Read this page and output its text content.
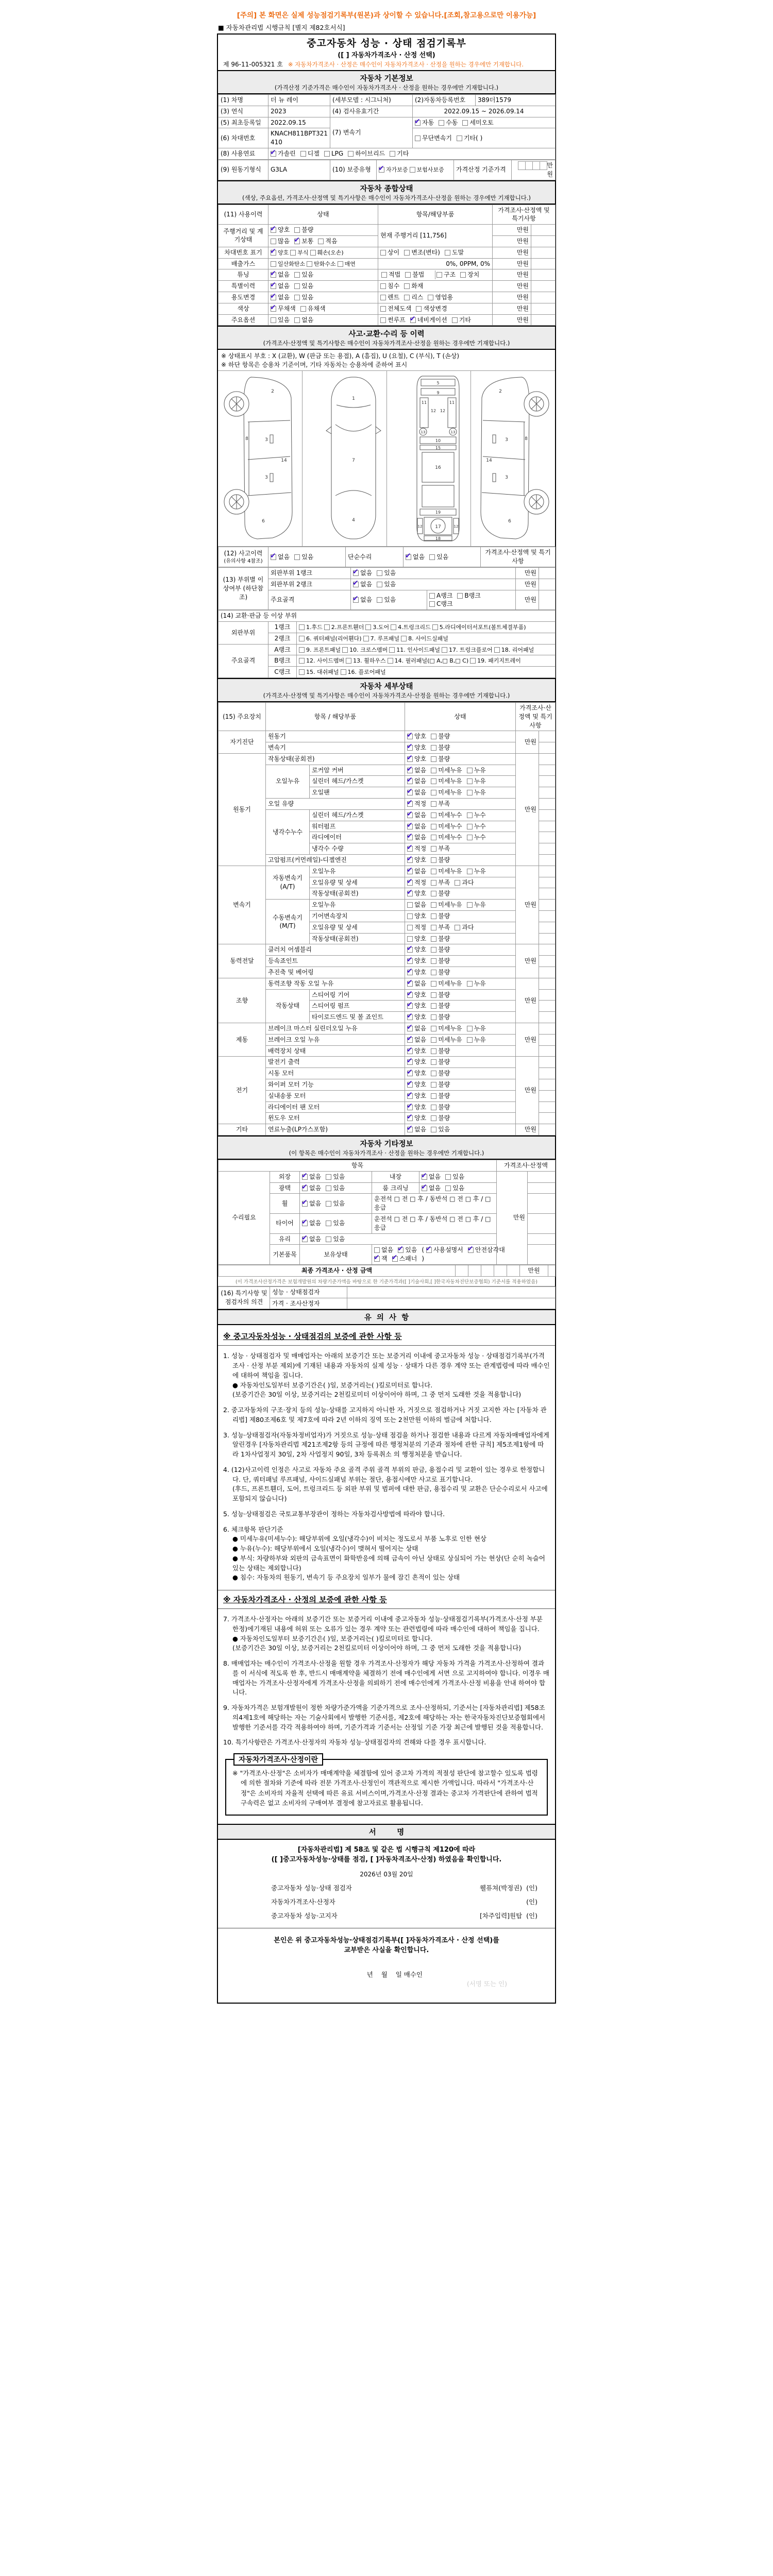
[주의] 본 화면은 실제 성능점검기록부(원본)과 상이할 수 있습니다.[조회,참고용으로만 이용가능]
■ 자동차관리법 시행규칙 [별지 제82호서식]
중고자동차 성능 · 상태 점검기록부
([ ] 자동차가격조사 · 산정 선택)
제 96-11-005321 호 ※ 자동차가격조사 · 산정은 매수인이 자동차가격조사 · 산정을 원하는 경우에만 기재합니다.
자동차 기본정보
(가격산정 기준가격은 매수인이 자동차가격조사 · 산정을 원하는 경우에만 기재합니다.)
(1) 차명	더 뉴 레이	(세부모델 : 시그니처)	(2)자동차등록번호	389더1579
(3) 연식	2023	(4) 검사유효기간	2022.09.15 ~ 2026.09.14	
(5) 최초등록일	2022.09.15	(7) 변속기	✔자동 수동 세미오토
(6) 차대번호	KNACH811BPT321410		무단변속기 기타( )	
(8) 사용연료	✔가솔린 디젤 LPG 하이브리드 기타
(9) 원동기형식	G3LA	(10) 보증유형	✔자가보증 보험사보증	가격산정 기준가격	만원
자동차 종합상태
(색상, 주요옵션, 가격조사·산정액 및 특기사항은 매수인이 자동차가격조사·산정을 원하는 경우에만 기재합니다.)
(11) 사용이력	상태	항목/해당부품	가격조사·산정액 및 특기사항	
주행거리 및 계기상태	✔양호 불량	현재 주행거리 [11,756]	만원	
	많음 ✔ 보통 적음		만원	
차대번호 표기	✔양호 부식 훼손(오손)	상이 변조(변타) 도말	만원	
배출가스	일산화탄소 탄화수소 매연	0%, 0PPM, 0%	만원	
튜닝	✔없음 있음	적법 불법 구조 장치	만원	
특별이력	✔없음 있음	침수 화재	만원	
용도변경	✔없음 있음	렌트 리스 영업용	만원	
색상	✔무채색 유채색	전체도색 색상변경	만원	
주요옵션	있음 없음	썬루프 ✔ 네비게이션 기타	만원	
사고·교환·수리 등 이력
(가격조사·산정액 및 특기사항은 매수인이 자동차가격조사·산정을 원하는 경우에만 기재합니다.)
※ 상태표시 부호 : X (교환), W (판금 또는 용접), A (흠집), U (요철), C (부식), T (손상)
※ 하단 항목은 승용차 기준이며, 기타 자동차는 승용차에 준하여 표시
2
8	3
14
3
6
1
7
4
5
9
11	11
12 12
13	13
10
15
16
19
12	17	12
18
2
8
3
14
3
6
(12) 사고이력
(유의사항 4참조)
	✔없음 있음	단순수리	✔없음 있음	가격조사·산정액 및 특기사항
(13) 부위별 이상여부 (하단참조)	외판부위 1랭크	✔없음 있음		만원	
	외판부위 2랭크	✔없음 있음		만원	
	주요골격	✔없음 있음	A랭크 B랭크C랭크	만원	
(14) 교환·판금 등 이상 부위		
외판부위	1랭크	1.후드 2.프론트휀더 3.도어 4.트렁크리드 5.라디에이터서포트(볼트체결부품)
	2랭크	6. 쿼터패널(리어휀다) 7. 루프패널 8. 사이드실패널
주요골격	A랭크	9. 프론트패널 10. 크로스멤버 11. 인사이드패널 17. 트렁크플로어 18. 리어패널
	B랭크	12. 사이드멤버 13. 휠하우스 14. 필러패널(□ A,□ B,□ C) 19. 패키지트레이
	C랭크	15. 대쉬패널 16. 플로어패널
자동차 세부상태
(가격조사·산정액 및 특기사항은 매수인이 자동차가격조사·산정을 원하는 경우에만 기재합니다.)
(15) 주요장치	항목 / 해당부품		상태	가격조사·산정액 및 특기사항	
자기진단	원동기	✔양호 불량	만원	
	변속기	✔양호 불량	
원동기	작동상태(공회전)	✔양호 불량	만원	
	오일누유	로커암 커버	✔없음 미세누유 누유	
		실린더 헤드/가스켓	✔없음 미세누유 누유	
		오일팬	✔없음 미세누유 누유	
	오일 유량	✔적정 부족	
	냉각수누수	실린더 헤드/가스켓	✔없음 미세누수 누수	
		워터펌프	✔없음 미세누수 누수	
		라디에이터	✔없음 미세누수 누수	
		냉각수 수량	✔적정 부족	
	고압펌프(커먼레일)-디젤엔진	✔양호 불량	
변속기	자동변속기 (A/T)	오일누유	✔없음 미세누유 누유	만원	
		오일유량 및 상세	✔적정 부족 과다	
		작동상태(공회전)	✔양호 불량	
	수동변속기 (M/T)	오일누유	없음 미세누유 누유		
		기어변속장치	양호 불량		
		오일유량 및 상세	적정 부족 과다		
		작동상태(공회전)	양호 불량		
동력전달	클러치 어셈블리	✔양호 불량	만원	
	등속죠인트	✔양호 불량	
	추진축 및 베어링	✔양호 불량	
조향	동력조향 작동 오일 누유	✔없음 미세누유 누유	만원	
	작동상태	스티어링 기어	✔양호 불량	
		스티어링 펌프	✔양호 불량	
		타이로드엔드 및 볼 죠인트	✔양호 불량	
제동	브레이크 마스터 실린더오일 누유	✔없음 미세누유 누유	만원	
	브레이크 오일 누유	✔없음 미세누유 누유	
	배력장치 상태	✔양호 불량	
전기	발전기 출력	✔양호 불량	만원	
	시동 모터	✔양호 불량	
	와이퍼 모터 기능	✔양호 불량	
	실내송풍 모터	✔양호 불량	
	라디에이터 팬 모터	✔양호 불량	
	윈도우 모터	✔양호 불량	
기타	연료누출(LP가스포함)	✔없음 있음	만원	
자동차 기타정보
(이 항목은 매수인이 자동차가격조사 · 산정을 원하는 경우에만 기재합니다.)
항목					가격조사·산정액	
수리필요	외장	✔없음 있음	내장	✔없음 있음	만원	
	광택	✔없음 있음	룸 크리닝	✔없음 있음	
	휠	✔없음 있음	운전석 □ 전 □ 후 / 동반석 □ 전 □ 후 / □ 응급			
	타이어	✔없음 있음	운전석 □ 전 □ 후 / 동반석 □ 전 □ 후 / □ 응급			
	유리	✔없음 있음	
	기본품목	보유상태	없음 ✔ 있음 ( ✔ 사용설명서 ✔ 안전삼각대✔잭 ✔ 스패너 )	
최종 가격조사 · 산정 금액						만원	
(이 가격조사산정가격은 보험개발원의 차량기준가액을 바탕으로 한 기준가격과([ ]기술사회,[ ]한국자동차진단보증협회) 기준서를 적용하였음)
(16) 특기사항 및 점검자의 의견	성능 · 상태점검자	
	가격 · 조사산정자	
유  의  사  항
※ 중고자동차성능 · 상태점검의 보증에 관한 사항 등
1. 성능 · 상태점검자 및 매매업자는 아래의 보증기간 또는 보증거리 이내에 중고자동차 성능 · 상태점검기록부(가격 조사 · 산정 부분 제외)에 기재된 내용과 자동차의 실제 성능 · 상태가 다른 경우 계약 또는 관계법령에 따라 매수인에 대하여 책임을 집니다.
● 자동차인도일부터 보증기간은( )일, 보증거리는( )킬로미터로 합니다.
(보증기간은 30일 이상, 보증거리는 2천킬로미터 이상이어야 하며, 그 중 먼저 도래한 것을 적용합니다)
2. 중고자동차의 구조·장치 등의 성능·상태를 고지하지 아니한 자, 거짓으로 점검하거나 거짓 고지한 자는 [자동차 관리법] 제80조제6호 및 제7호에 따라 2년 이하의 징역 또는 2천만원 이하의 벌금에 처합니다.
3. 성능·상태점검자(자동차정비업자)가 거짓으로 성능·상태 점검을 하거나 점검한 내용과 다르게 자동차매매업자에게 알린경우 [자동차관리법 제21조제2항 등의 규정에 따른 행정처분의 기준과 절차에 관한 규칙] 제5조제1항에 따라 1차사업정지 30일, 2차 사업정지 90일, 3차 등록취소 의 행정처분을 받습니다.
4. (12)사고이력 인정은 사고로 자동차 주요 골격 주위 골격 부위의 판금, 용접수리 및 교환이 있는 경우로 한정합니다. 단, 쿼터패널 루프패널, 사이드실패널 부위는 절단, 용접시에만 사고로 표기합니다.
(후드, 프론트휀더, 도어, 트렁크리드 등 외판 부위 및 범퍼에 대한 판금, 용접수리 및 교환은 단순수리로서 사고에 포함되지 않습니다)
5. 성능·상태점검은 국토교통부장관이 정하는 자동차검사방법에 따라야 합니다.
6. 체크항목 판단기준
● 미세누유(미세누수): 해당부위에 오일(냉각수)이 비치는 정도로서 부품 노후로 인한 현상
● 누유(누수): 해당부위에서 오일(냉각수)이 맺혀서 떨어지는 상태
● 부식: 차량하부와 외판의 금속표면이 화학반응에 의해 금속이 아닌 상태로 상실되어 가는 현상(단 순히 녹슬어 있는 상태는 제외합니다)
● 침수: 자동차의 원동기, 변속기 등 주요장치 일부가 물에 잠긴 흔적이 있는 상태
※ 자동차가격조사 · 산정의 보증에 관한 사항 등
7. 가격조사·산정자는 아래의 보증기간 또는 보증거리 이내에 중고자동차 성능·상태점검기록부(가격조사·산정 부분 한정)에기재된 내용에 허위 또는 오류가 있는 경우 계약 또는 관련법령에 따라 매수인에 대하여 책임을 집니다.
● 자동차인도일부터 보증기간은( )일, 보증거리는( )킬로미터로 합니다.
(보증기간은 30일 이상, 보증거리는 2천킬로미터 이상이어야 하며, 그 중 먼저 도래한 것을 적용합니다)
8. 매매업자는 매수인이 가격조사·산정을 원할 경우 가격조사·산정자가 해당 자동차 가격을 가격조사·산정하여 결과를 이 서식에 적도록 한 후, 반드시 매매계약을 체결하기 전에 매수인에게 서면 으로 고지하여야 합니다. 이경우 매매업자는 가격조사·산정자에게 가격조사·산정을 의뢰하기 전에 매수인에게 가격조사·산정 비용을 안내 하여야 합니다.
9. 자동차가격은 보험개발원이 정한 차량가준가액을 기준가격으로 조사·산정하되, 기준서는 [자동차관리법] 제58조의4제1호에 해당하는 자는 기술사회에서 발행한 기준서를, 제2호에 해당하는 자는 한국자동차진단보증협회에서 발행한 기준서를 각각 적용하여야 하며, 기준가격과 기준서는 산정일 기준 가장 최근에 발행된 것을 적용합니다.
10. 특기사항란은 가격조사·산정자의 자동차 성능·상태점검자의 견해와 다를 경우 표시합니다.
자동차가격조사·산정이란
※ "가격조사·산정"은 소비자가 매매계약을 체결함에 있어 중고차 가격의 적절성 판단에 참고할수 있도록 법령에 의한 절차와 기준에 따라 전문 가격조사·산정인이 객관적으로 제시한 가액입니다. 따라서 "가격조사·산정"은 소비자의 자율적 선택에 따른 유료 서비스이며,가격조사·산정 결과는 중고차 가격판단에 관하여 법적 구속력은 없고 소비자의 구매여부 결정에 참고자료로 활용됩니다.
서        명
[자동차관리법] 제 58조 및 같은 법 시행규칙 제120에 따라
([ ]중고자동차성능·상태를 점검, [ ]자동차격조사·산정) 하였음을 확인합니다.
2026년 03월 20일
중고자동차 성능·상태 점검자	웰퓨쳐(박정권) (인)
자동차가격조사·산정자	(인)
중고자동차 성능·고지자	[차주입력]원탑 (인)
본인은 위 중고자동차성능·상태점검기록부([ ]자동차가격조사 · 산정 선택)를
교부받은 사실을 확인합니다.

년    월    일 매수인

(서명 또는 인)
